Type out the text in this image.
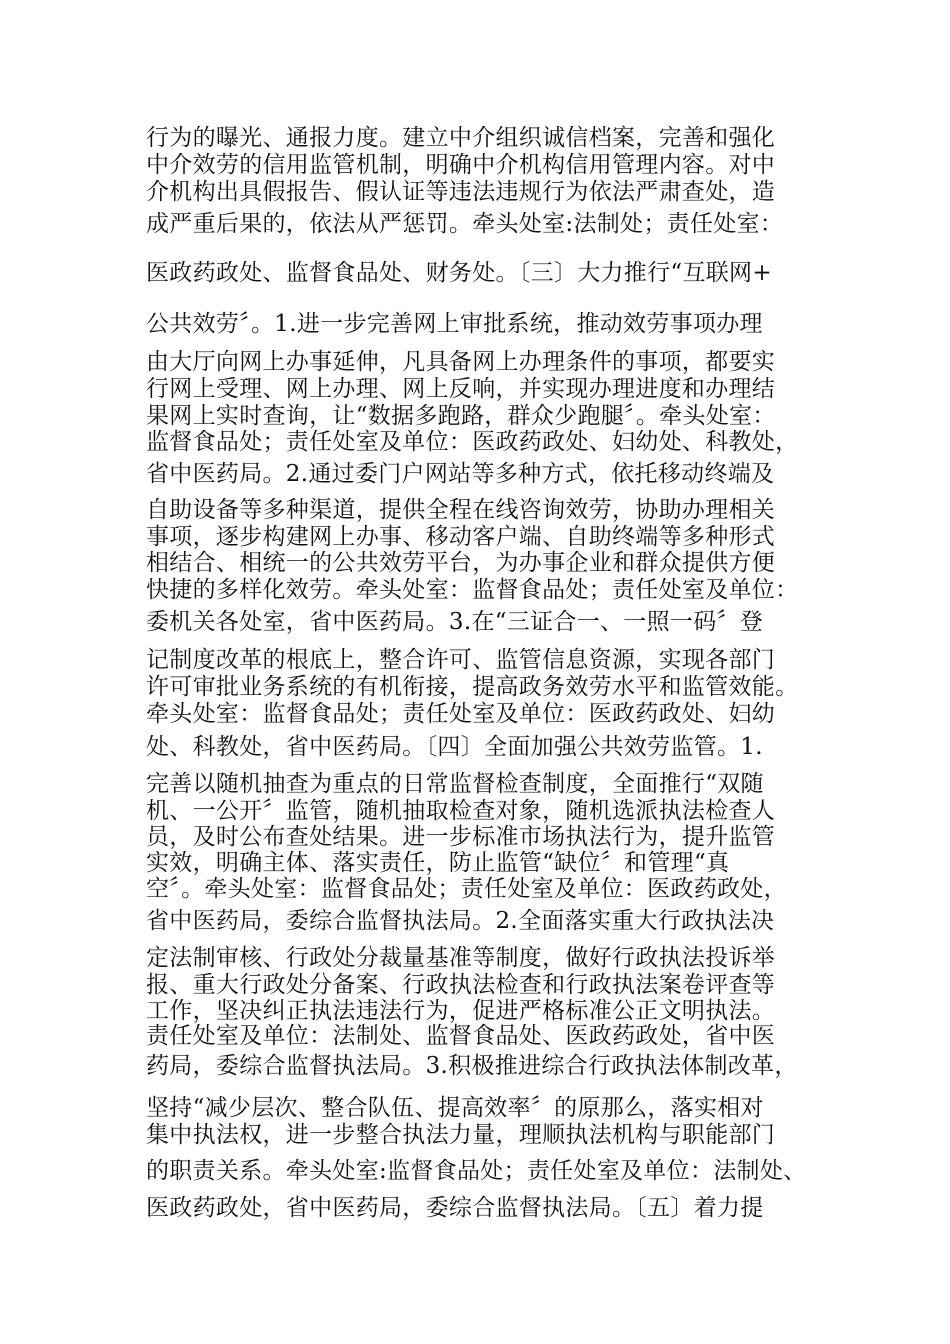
行为的曝光、通报力度。建立中介组织诚信档案，完善和强化
中介效劳的信用监管机制，明确中介机构信用管理内容。对中
介机构出具假报告、假认证等违法违规行为依法严肃查处，造
成严重后果的，依法从严惩罚。牵头处室:法制处；责任处室：
医政药政处、监督食品处、财务处。〔三〕大力推行“互联网+
公共效劳〞。1.进一步完善网上审批系统，推动效劳事项办理
由大厅向网上办事延伸，凡具备网上办理条件的事项，都要实
行网上受理、网上办理、网上反响，并实现办理进度和办理结
果网上实时查询，让“数据多跑路，群众少跑腿〞。牵头处室：
监督食品处；责任处室及单位：医政药政处、妇幼处、科教处，
省中医药局。2.通过委门户网站等多种方式，依托移动终端及
自助设备等多种渠道，提供全程在线咨询效劳，协助办理相关
事项，逐步构建网上办事、移动客户端、自助终端等多种形式
相结合、相统一的公共效劳平台，为办事企业和群众提供方便
快捷的多样化效劳。牵头处室：监督食品处；责任处室及单位：
委机关各处室，省中医药局。3.在“三证合一、一照一码〞登
记制度改革的根底上，整合许可、监管信息资源，实现各部门
许可审批业务系统的有机衔接，提高政务效劳水平和监管效能。
牵头处室：监督食品处；责任处室及单位：医政药政处、妇幼
处、科教处，省中医药局。〔四〕全面加强公共效劳监管。1.
完善以随机抽查为重点的日常监督检查制度，全面推行“双随
机、一公开〞监管，随机抽取检查对象，随机选派执法检查人
员，及时公布查处结果。进一步标准市场执法行为，提升监管
实效，明确主体、落实责任，防止监管“缺位〞和管理“真
空〞。牵头处室：监督食品处；责任处室及单位：医政药政处，
省中医药局，委综合监督执法局。2.全面落实重大行政执法决
定法制审核、行政处分裁量基准等制度，做好行政执法投诉举
报、重大行政处分备案、行政执法检查和行政执法案卷评查等
工作，坚决纠正执法违法行为，促进严格标准公正文明执法。
责任处室及单位：法制处、监督食品处、医政药政处，省中医
药局，委综合监督执法局。3.积极推进综合行政执法体制改革，
坚持“减少层次、整合队伍、提高效率〞的原那么，落实相对
集中执法权，进一步整合执法力量，理顺执法机构与职能部门
的职责关系。牵头处室:监督食品处；责任处室及单位：法制处、
医政药政处，省中医药局，委综合监督执法局。〔五〕着力提
